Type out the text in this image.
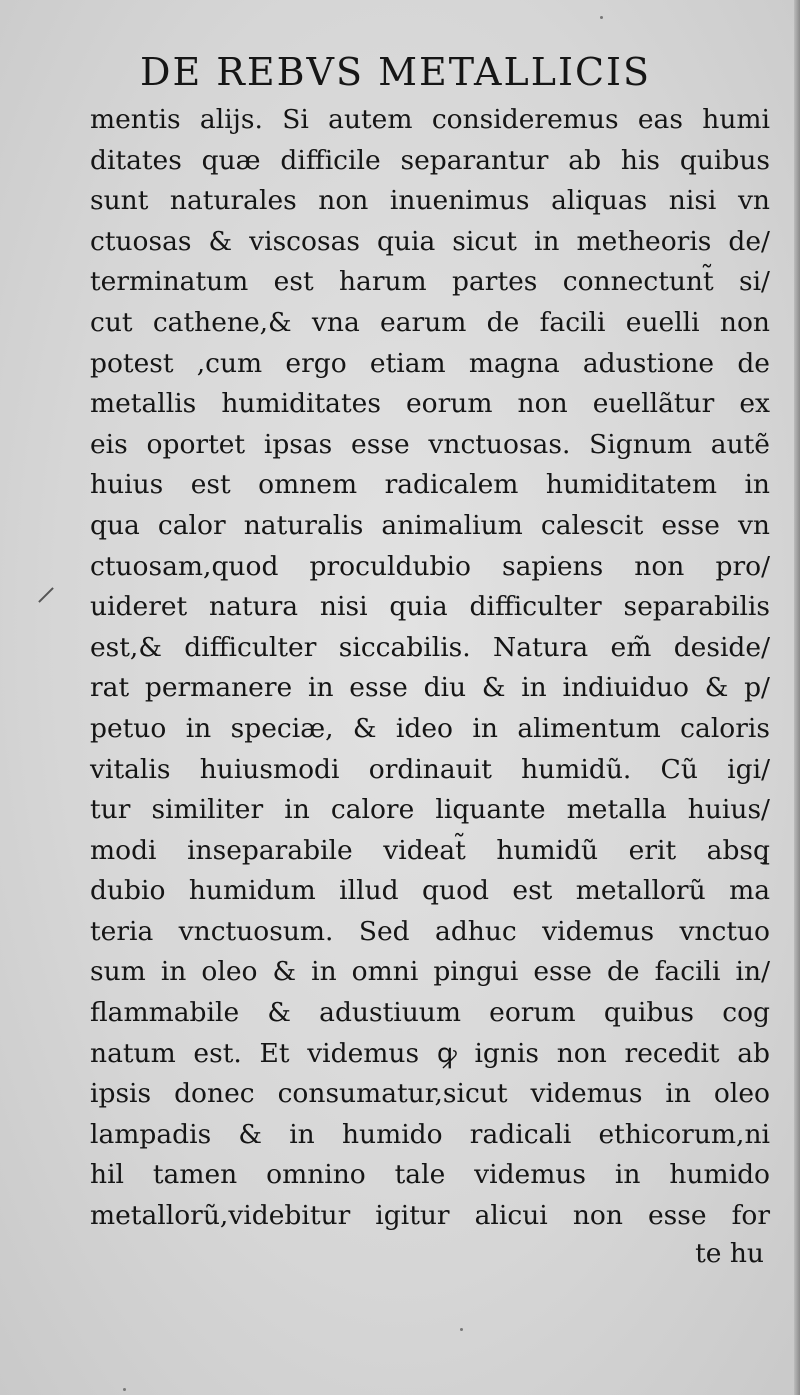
DE REBVS METALLICIS
mentis alijs. Si autem consideremus eas humi
ditates quæ difficile separantur ab his quibus
sunt naturales non inuenimus aliquas nisi vn
ctuosas & viscosas quia sicut in metheoris de/
terminatum est harum partes connectunt̃ si/
cut cathene,& vna earum de facili euelli non
potest ,cum ergo etiam magna adustione de
metallis humiditates eorum non euellãtur ex
eis oportet ipsas esse vnctuosas. Signum autẽ
huius est omnem radicalem humiditatem in
qua calor naturalis animalium calescit esse vn
ctuosam,quod proculdubio sapiens non pro/
uideret natura nisi quia difficulter separabilis
est,& difficulter siccabilis. Natura em̃ deside/
rat permanere in esse diu & in indiuiduo & p/
petuo in speciæ, & ideo in alimentum caloris
vitalis huiusmodi ordinauit humidũ. Cũ igi/
tur similiter in calore liquante metalla huius/
modi inseparabile videat̃ humidũ erit absq̧
dubio humidum illud quod est metallorũ ma
teria vnctuosum. Sed adhuc videmus vnctuo
sum in oleo & in omni pingui esse de facili in/
flammabile & adustiuum eorum quibus cog
natum est. Et videmus ꝙ ignis non recedit ab
ipsis donec consumatur,sicut videmus in oleo
lampadis & in humido radicali ethicorum,ni
hil tamen omnino tale videmus in humido
metallorũ,videbitur igitur alicui non esse for
te hu
